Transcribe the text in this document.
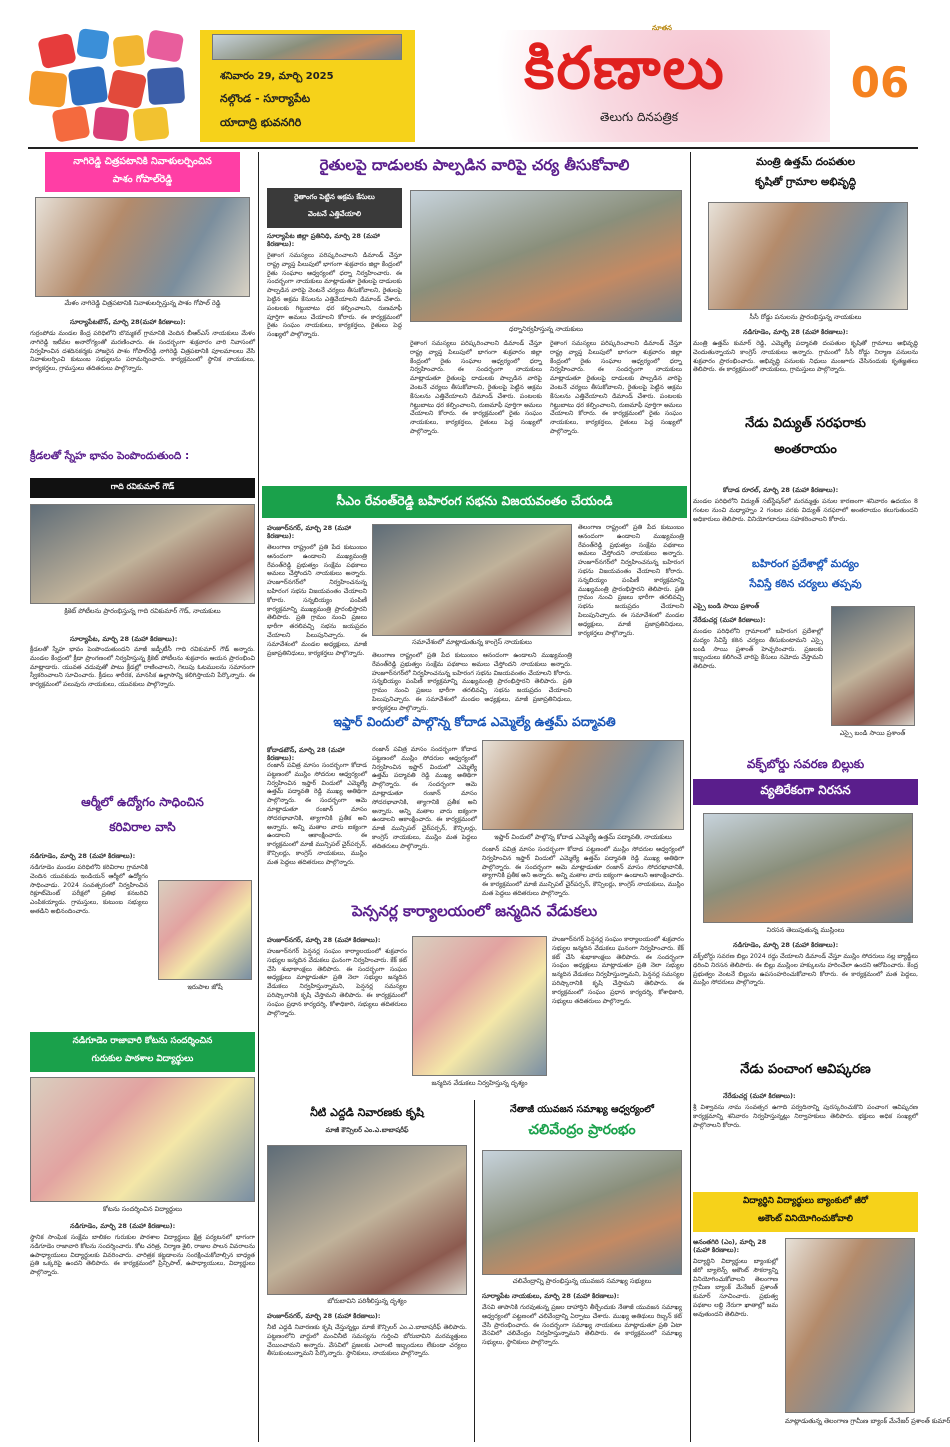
శనివారం 29, మార్చి 2025
నల్గొండ - సూర్యాపేట
యాదాద్రి భువనగిరి
నూతన
కిరణాలు
తెలుగు దినపత్రిక
06
నాగిరెడ్డి చిత్రపటానికి నివాళులర్పించిన
పాశం గోపాల్‌రెడ్డి
మేళం నాగిరెడ్డి చిత్రపటానికి నివాళులర్పిస్తున్న పాశం గోపాల్ రెడ్డి
సూర్యాపేటటౌన్, మార్చి 28(మహా కిరణాలు):
గుర్రంపోడు మండల కేంద్ర పరిధిలోని బొమ్మకల్‌ గ్రామానికి చెందిన బీఆర్‌ఎస్‌ నాయకులు మేళం నాగిరెడ్డి ఇటీవల అనారోగ్యంతో మరణించారు. ఈ సందర్భంగా శుక్రవారం వారి నివాసంలో నిర్వహించిన దశదినకర్మకు హాజరైన పాశం గోపాల్‌రెడ్డి నాగిరెడ్డి చిత్రపటానికి పూలమాలలు వేసి నివాళులర్పించి కుటుంబ సభ్యులను పరామర్శించారు. కార్యక్రమంలో స్థానిక నాయకులు, కార్యకర్తలు, గ్రామస్తులు తదితరులు పాల్గొన్నారు.
క్రీడలతో స్నేహ భావం పెంపొందుతుంది :
గాది రవికుమార్ గౌడ్
క్రికెట్ పోటీలను ప్రారంభిస్తున్న గాది రవికుమార్ గౌడ్, నాయకులు
సూర్యాపేట, మార్చి 28 (మహా కిరణాలు):
క్రీడలతో స్నేహ భావం పెంపొందుతుందని మాజీ జడ్పీటీసీ గాది రవికుమార్ గౌడ్ అన్నారు. మండల కేంద్రంలో క్రీడా ప్రాంగణంలో నిర్వహిస్తున్న క్రికెట్ పోటీలను శుక్రవారం ఆయన ప్రారంభించి మాట్లాడారు. యువత చదువుతో పాటు క్రీడల్లో రాణించాలని, గెలుపు ఓటములను సమానంగా స్వీకరించాలని సూచించారు. క్రీడలు శారీరక, మానసిక ఉల్లాసాన్ని కలిగిస్తాయని పేర్కొన్నారు. ఈ కార్యక్రమంలో పలువురు నాయకులు, యువకులు పాల్గొన్నారు.
ఆర్మీలో ఉద్యోగం సాధించిన
కరివిరాల వాసి
నడిగూడెం, మార్చి 28 (మహా కిరణాలు):
నడిగూడెం మండల పరిధిలోని కరివిరాల గ్రామానికి చెందిన యువకుడు ఇండియన్ ఆర్మీలో ఉద్యోగం సాధించాడు. 2024 సంవత్సరంలో నిర్వహించిన రిక్రూట్‌మెంట్ పరీక్షలో ప్రతిభ కనబరిచి ఎంపికయ్యాడు. గ్రామస్తులు, కుటుంబ సభ్యులు అతడిని అభినందించారు.
ఇరుపాల జోషీ
నడిగూడెం రాజావారి కోటను సందర్శించిన
గురుకుల పాఠశాల విద్యార్థులు
కోటను సందర్శించిన విద్యార్థులు
నడిగూడెం, మార్చి 28 (మహా కిరణాలు):
స్థానిక సాంఘిక సంక్షేమ బాలికల గురుకుల పాఠశాల విద్యార్థులు క్షేత్ర పర్యటనలో భాగంగా నడిగూడెం రాజావారి కోటను సందర్శించారు. కోట చరిత్ర, నిర్మాణ శైలి, రాజుల పాలన వివరాలను ఉపాధ్యాయులు విద్యార్థులకు వివరించారు. చారిత్రక కట్టడాలను సంరక్షించుకోవాల్సిన బాధ్యత ప్రతి ఒక్కరిపై ఉందని తెలిపారు. ఈ కార్యక్రమంలో ప్రిన్సిపాల్, ఉపాధ్యాయులు, విద్యార్థులు పాల్గొన్నారు.
రైతులపై దాడులకు పాల్పడిన వారిపై చర్య తీసుకోవాలి
రైతాంగం పెట్టిన అక్రమ కేసులు
వెంటనే ఎత్తివేయాలి
సూర్యాపేట జిల్లా ప్రతినిధి, మార్చి 28 (మహా కిరణాలు):
రైతాంగ సమస్యలు పరిష్కరించాలని డిమాండ్ చేస్తూ రాష్ట్ర వ్యాప్త పిలుపులో భాగంగా శుక్రవారం జిల్లా కేంద్రంలో రైతు సంఘాల ఆధ్వర్యంలో ధర్నా నిర్వహించారు. ఈ సందర్భంగా నాయకులు మాట్లాడుతూ రైతులపై దాడులకు పాల్పడిన వారిపై వెంటనే చర్యలు తీసుకోవాలని, రైతులపై పెట్టిన అక్రమ కేసులను ఎత్తివేయాలని డిమాండ్ చేశారు. పంటలకు గిట్టుబాటు ధర కల్పించాలని, రుణమాఫీ పూర్తిగా అమలు చేయాలని కోరారు. ఈ కార్యక్రమంలో రైతు సంఘం నాయకులు, కార్యకర్తలు, రైతులు పెద్ద సంఖ్యలో పాల్గొన్నారు.
ధర్నానిర్వహిస్తున్న నాయకులు
రైతాంగ సమస్యలు పరిష్కరించాలని డిమాండ్ చేస్తూ రాష్ట్ర వ్యాప్త పిలుపులో భాగంగా శుక్రవారం జిల్లా కేంద్రంలో రైతు సంఘాల ఆధ్వర్యంలో ధర్నా నిర్వహించారు. ఈ సందర్భంగా నాయకులు మాట్లాడుతూ రైతులపై దాడులకు పాల్పడిన వారిపై వెంటనే చర్యలు తీసుకోవాలని, రైతులపై పెట్టిన అక్రమ కేసులను ఎత్తివేయాలని డిమాండ్ చేశారు. పంటలకు గిట్టుబాటు ధర కల్పించాలని, రుణమాఫీ పూర్తిగా అమలు చేయాలని కోరారు. ఈ కార్యక్రమంలో రైతు సంఘం నాయకులు, కార్యకర్తలు, రైతులు పెద్ద సంఖ్యలో పాల్గొన్నారు.
రైతాంగ సమస్యలు పరిష్కరించాలని డిమాండ్ చేస్తూ రాష్ట్ర వ్యాప్త పిలుపులో భాగంగా శుక్రవారం జిల్లా కేంద్రంలో రైతు సంఘాల ఆధ్వర్యంలో ధర్నా నిర్వహించారు. ఈ సందర్భంగా నాయకులు మాట్లాడుతూ రైతులపై దాడులకు పాల్పడిన వారిపై వెంటనే చర్యలు తీసుకోవాలని, రైతులపై పెట్టిన అక్రమ కేసులను ఎత్తివేయాలని డిమాండ్ చేశారు. పంటలకు గిట్టుబాటు ధర కల్పించాలని, రుణమాఫీ పూర్తిగా అమలు చేయాలని కోరారు. ఈ కార్యక్రమంలో రైతు సంఘం నాయకులు, కార్యకర్తలు, రైతులు పెద్ద సంఖ్యలో పాల్గొన్నారు.
సీఎం రేవంత్‌రెడ్డి బహిరంగ సభను విజయవంతం చేయండి
హుజూర్‌నగర్, మార్చి 28 (మహా కిరణాలు):
తెలంగాణ రాష్ట్రంలో ప్రతి పేద కుటుంబం ఆనందంగా ఉండాలని ముఖ్యమంత్రి రేవంత్‌రెడ్డి ప్రభుత్వం సంక్షేమ పథకాలు అమలు చేస్తోందని నాయకులు అన్నారు. హుజూర్‌నగర్‌లో నిర్వహించనున్న బహిరంగ సభను విజయవంతం చేయాలని కోరారు. సన్నబియ్యం పంపిణీ కార్యక్రమాన్ని ముఖ్యమంత్రి ప్రారంభిస్తారని తెలిపారు. ప్రతి గ్రామం నుంచి ప్రజలు భారీగా తరలివచ్చి సభను జయప్రదం చేయాలని పిలుపునిచ్చారు. ఈ సమావేశంలో మండల అధ్యక్షులు, మాజీ ప్రజాప్రతినిధులు, కార్యకర్తలు పాల్గొన్నారు.
సమావేశంలో మాట్లాడుతున్న కాంగ్రెస్ నాయకులు
తెలంగాణ రాష్ట్రంలో ప్రతి పేద కుటుంబం ఆనందంగా ఉండాలని ముఖ్యమంత్రి రేవంత్‌రెడ్డి ప్రభుత్వం సంక్షేమ పథకాలు అమలు చేస్తోందని నాయకులు అన్నారు. హుజూర్‌నగర్‌లో నిర్వహించనున్న బహిరంగ సభను విజయవంతం చేయాలని కోరారు. సన్నబియ్యం పంపిణీ కార్యక్రమాన్ని ముఖ్యమంత్రి ప్రారంభిస్తారని తెలిపారు. ప్రతి గ్రామం నుంచి ప్రజలు భారీగా తరలివచ్చి సభను జయప్రదం చేయాలని పిలుపునిచ్చారు. ఈ సమావేశంలో మండల అధ్యక్షులు, మాజీ ప్రజాప్రతినిధులు, కార్యకర్తలు పాల్గొన్నారు.
తెలంగాణ రాష్ట్రంలో ప్రతి పేద కుటుంబం ఆనందంగా ఉండాలని ముఖ్యమంత్రి రేవంత్‌రెడ్డి ప్రభుత్వం సంక్షేమ పథకాలు అమలు చేస్తోందని నాయకులు అన్నారు. హుజూర్‌నగర్‌లో నిర్వహించనున్న బహిరంగ సభను విజయవంతం చేయాలని కోరారు. సన్నబియ్యం పంపిణీ కార్యక్రమాన్ని ముఖ్యమంత్రి ప్రారంభిస్తారని తెలిపారు. ప్రతి గ్రామం నుంచి ప్రజలు భారీగా తరలివచ్చి సభను జయప్రదం చేయాలని పిలుపునిచ్చారు. ఈ సమావేశంలో మండల అధ్యక్షులు, మాజీ ప్రజాప్రతినిధులు, కార్యకర్తలు పాల్గొన్నారు.
ఇఫ్తార్ విందులో పాల్గొన్న కోదాడ ఎమ్మెల్యే ఉత్తమ్ పద్మావతి
కోదాడటౌన్, మార్చి 28 (మహా కిరణాలు):
రంజాన్ పవిత్ర మాసం సందర్భంగా కోదాడ పట్టణంలో ముస్లిం సోదరుల ఆధ్వర్యంలో నిర్వహించిన ఇఫ్తార్ విందులో ఎమ్మెల్యే ఉత్తమ్ పద్మావతి రెడ్డి ముఖ్య అతిథిగా పాల్గొన్నారు. ఈ సందర్భంగా ఆమె మాట్లాడుతూ రంజాన్ మాసం సోదరభావానికి, త్యాగానికి ప్రతీక అని అన్నారు. అన్ని మతాల వారు ఐక్యంగా ఉండాలని ఆకాంక్షించారు. ఈ కార్యక్రమంలో మాజీ మున్సిపల్ చైర్‌పర్సన్, కౌన్సిలర్లు, కాంగ్రెస్ నాయకులు, ముస్లిం మత పెద్దలు తదితరులు పాల్గొన్నారు.
రంజాన్ పవిత్ర మాసం సందర్భంగా కోదాడ పట్టణంలో ముస్లిం సోదరుల ఆధ్వర్యంలో నిర్వహించిన ఇఫ్తార్ విందులో ఎమ్మెల్యే ఉత్తమ్ పద్మావతి రెడ్డి ముఖ్య అతిథిగా పాల్గొన్నారు. ఈ సందర్భంగా ఆమె మాట్లాడుతూ రంజాన్ మాసం సోదరభావానికి, త్యాగానికి ప్రతీక అని అన్నారు. అన్ని మతాల వారు ఐక్యంగా ఉండాలని ఆకాంక్షించారు. ఈ కార్యక్రమంలో మాజీ మున్సిపల్ చైర్‌పర్సన్, కౌన్సిలర్లు, కాంగ్రెస్ నాయకులు, ముస్లిం మత పెద్దలు తదితరులు పాల్గొన్నారు.
ఇఫ్తార్ విందులో పాల్గొన్న కోదాడ ఎమ్మెల్యే ఉత్తమ్ పద్మావతి, నాయకులు
రంజాన్ పవిత్ర మాసం సందర్భంగా కోదాడ పట్టణంలో ముస్లిం సోదరుల ఆధ్వర్యంలో నిర్వహించిన ఇఫ్తార్ విందులో ఎమ్మెల్యే ఉత్తమ్ పద్మావతి రెడ్డి ముఖ్య అతిథిగా పాల్గొన్నారు. ఈ సందర్భంగా ఆమె మాట్లాడుతూ రంజాన్ మాసం సోదరభావానికి, త్యాగానికి ప్రతీక అని అన్నారు. అన్ని మతాల వారు ఐక్యంగా ఉండాలని ఆకాంక్షించారు. ఈ కార్యక్రమంలో మాజీ మున్సిపల్ చైర్‌పర్సన్, కౌన్సిలర్లు, కాంగ్రెస్ నాయకులు, ముస్లిం మత పెద్దలు తదితరులు పాల్గొన్నారు.
పెన్సనర్ల కార్యాలయంలో జన్మదిన వేడుకలు
హుజూర్‌నగర్, మార్చి 28 (మహా కిరణాలు):
హుజూర్‌నగర్ పెన్షనర్ల సంఘం కార్యాలయంలో శుక్రవారం సభ్యుల జన్మదిన వేడుకలు ఘనంగా నిర్వహించారు. కేక్ కట్ చేసి శుభాకాంక్షలు తెలిపారు. ఈ సందర్భంగా సంఘం అధ్యక్షులు మాట్లాడుతూ ప్రతి నెలా సభ్యుల జన్మదిన వేడుకలు నిర్వహిస్తున్నామని, పెన్షనర్ల సమస్యల పరిష్కారానికి కృషి చేస్తామని తెలిపారు. ఈ కార్యక్రమంలో సంఘం ప్రధాన కార్యదర్శి, కోశాధికారి, సభ్యులు తదితరులు పాల్గొన్నారు.
జన్మదిన వేడుకలు నిర్వహిస్తున్న దృశ్యం
హుజూర్‌నగర్ పెన్షనర్ల సంఘం కార్యాలయంలో శుక్రవారం సభ్యుల జన్మదిన వేడుకలు ఘనంగా నిర్వహించారు. కేక్ కట్ చేసి శుభాకాంక్షలు తెలిపారు. ఈ సందర్భంగా సంఘం అధ్యక్షులు మాట్లాడుతూ ప్రతి నెలా సభ్యుల జన్మదిన వేడుకలు నిర్వహిస్తున్నామని, పెన్షనర్ల సమస్యల పరిష్కారానికి కృషి చేస్తామని తెలిపారు. ఈ కార్యక్రమంలో సంఘం ప్రధాన కార్యదర్శి, కోశాధికారి, సభ్యులు తదితరులు పాల్గొన్నారు.
నీటి ఎద్దడి నివారణకు కృషి
మాజీ కౌన్సిలర్ ఎం.ఎ.బాబాషరీఫ్
బోరుబావిని పరిశీలిస్తున్న దృశ్యం
హుజూర్‌నగర్, మార్చి 28 (మహా కిరణాలు):
నీటి ఎద్దడి నివారణకు కృషి చేస్తున్నట్లు మాజీ కౌన్సిలర్ ఎం.ఎ.బాబాషరీఫ్ తెలిపారు. పట్టణంలోని వార్డులో మంచినీటి సమస్యను గుర్తించి బోరుబావిని మరమ్మత్తులు చేయించామని అన్నారు. వేసవిలో ప్రజలకు ఎలాంటి ఇబ్బందులు లేకుండా చర్యలు తీసుకుంటున్నామని పేర్కొన్నారు. స్థానికులు, నాయకులు పాల్గొన్నారు.
నేతాజీ యువజన సమాఖ్య ఆధ్వర్యంలో
చలివేంద్రం ప్రారంభం
చలివేంద్రాన్ని ప్రారంభిస్తున్న యువజన సమాఖ్య సభ్యులు
సూర్యాపేట నాయకులు, మార్చి 28 (మహా కిరణాలు):
వేసవి తాపానికి గురవుతున్న ప్రజల దాహార్తిని తీర్చేందుకు నేతాజీ యువజన సమాఖ్య ఆధ్వర్యంలో పట్టణంలో చలివేంద్రాన్ని ఏర్పాటు చేశారు. ముఖ్య అతిథులు రిబ్బన్ కట్ చేసి ప్రారంభించారు. ఈ సందర్భంగా సమాఖ్య నాయకులు మాట్లాడుతూ ప్రతి ఏటా వేసవిలో చలివేంద్రం నిర్వహిస్తున్నామని తెలిపారు. ఈ కార్యక్రమంలో సమాఖ్య సభ్యులు, స్థానికులు పాల్గొన్నారు.
మంత్రి ఉత్తమ్ దంపతుల
కృషితో గ్రామాల అభివృద్ధి
సీసీ రోడ్డు పనులను ప్రారంభిస్తున్న నాయకులు
నడిగూడెం, మార్చి 28 (మహా కిరణాలు):
మంత్రి ఉత్తమ్ కుమార్ రెడ్డి, ఎమ్మెల్యే పద్మావతి దంపతుల కృషితో గ్రామాలు అభివృద్ధి చెందుతున్నాయని కాంగ్రెస్ నాయకులు అన్నారు. గ్రామంలో సీసీ రోడ్డు నిర్మాణ పనులను శుక్రవారం ప్రారంభించారు. అభివృద్ధి పనులకు నిధులు మంజూరు చేసినందుకు కృతజ్ఞతలు తెలిపారు. ఈ కార్యక్రమంలో నాయకులు, గ్రామస్తులు పాల్గొన్నారు.
నేడు విద్యుత్ సరఫరాకు
అంతరాయం
కోదాడ రూరల్, మార్చి 28 (మహా కిరణాలు):
మండల పరిధిలోని విద్యుత్ సబ్‌స్టేషన్‌లో మరమ్మత్తు పనుల కారణంగా శనివారం ఉదయం 8 గంటల నుంచి మధ్యాహ్నం 2 గంటల వరకు విద్యుత్ సరఫరాలో అంతరాయం కలుగుతుందని అధికారులు తెలిపారు. వినియోగదారులు సహకరించాలని కోరారు.
బహిరంగ ప్రదేశాల్లో మద్యం
సేవిస్తే కఠిన చర్యలు తప్పవు
ఎస్సై బండి సాయి ప్రశాంత్
నేరేడుచర్ల (మహా కిరణాలు):
మండల పరిధిలోని గ్రామాలలో బహిరంగ ప్రదేశాల్లో మద్యం సేవిస్తే కఠిన చర్యలు తీసుకుంటామని ఎస్సై బండి సాయి ప్రశాంత్ హెచ్చరించారు. ప్రజలకు ఇబ్బందులు కలిగించే వారిపై కేసులు నమోదు చేస్తామని తెలిపారు.
ఎస్సై బండి సాయి ప్రశాంత్
వక్ఫ్‌బోర్డు సవరణ బిల్లుకు
వ్యతిరేకంగా నిరసన
నిరసన తెలుపుతున్న ముస్లింలు
నడిగూడెం, మార్చి 28 (మహా కిరణాలు):
వక్ఫ్‌బోర్డు సవరణ బిల్లు 2024 రద్దు చేయాలని డిమాండ్ చేస్తూ ముస్లిం సోదరులు నల్ల బ్యాడ్జీలు ధరించి నిరసన తెలిపారు. ఈ బిల్లు ముస్లింల హక్కులను హరించేలా ఉందని ఆరోపించారు. కేంద్ర ప్రభుత్వం వెంటనే బిల్లును ఉపసంహరించుకోవాలని కోరారు. ఈ కార్యక్రమంలో మత పెద్దలు, ముస్లిం సోదరులు పాల్గొన్నారు.
నేడు పంచాంగ ఆవిష్కరణ
నేరేడుచర్ల (మహా కిరణాలు):
శ్రీ విశ్వావసు నామ సంవత్సర ఉగాది పర్వదినాన్ని పురస్కరించుకొని పంచాంగ ఆవిష్కరణ కార్యక్రమాన్ని శనివారం నిర్వహిస్తున్నట్లు నిర్వాహకులు తెలిపారు. భక్తులు అధిక సంఖ్యలో పాల్గొనాలని కోరారు.
విద్యార్థిని విద్యార్థులు బ్యాంకులో జీరో
అకౌంట్ వినియోగించుకోవాలి
అనంతగిరి (ఎం), మార్చి 28 (మహా కిరణాలు):
విద్యార్థిని విద్యార్థులు బ్యాంకుల్లో జీరో బ్యాలెన్స్ అకౌంట్ సౌకర్యాన్ని వినియోగించుకోవాలని తెలంగాణ గ్రామీణ బ్యాంక్ మేనేజర్ ప్రశాంత్ కుమార్ సూచించారు. ప్రభుత్వ పథకాల లబ్ది నేరుగా ఖాతాల్లో జమ అవుతుందని తెలిపారు.
మాట్లాడుతున్న తెలంగాణ గ్రామీణ బ్యాంక్ మేనేజర్ ప్రశాంత్ కుమార్
